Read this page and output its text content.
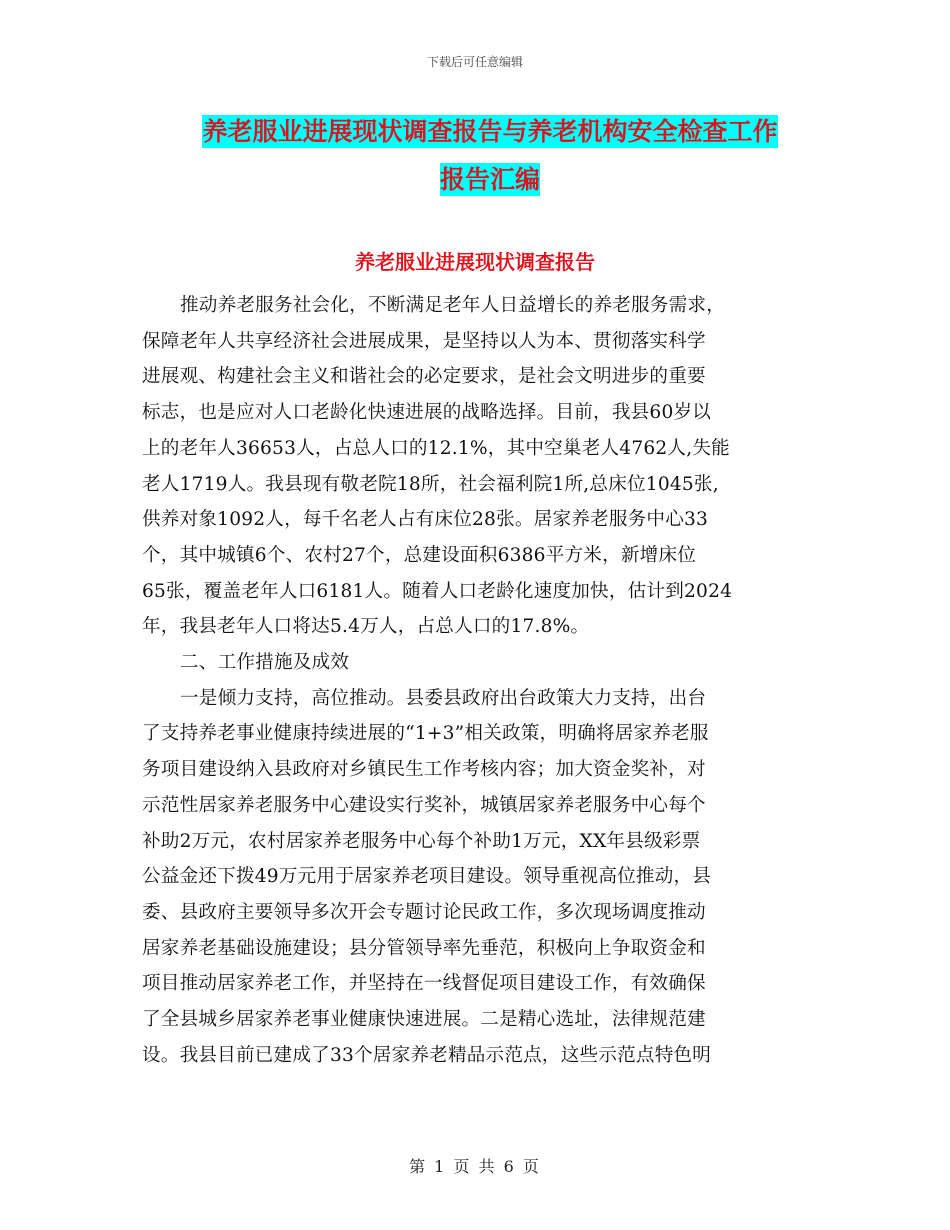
下载后可任意编辑
养老服业进展现状调查报告与养老机构安全检查工作
报告汇编
养老服业进展现状调查报告
推动养老服务社会化，不断满足老年人日益增长的养老服务需求，
保障老年人共享经济社会进展成果，是坚持以人为本、贯彻落实科学
进展观、构建社会主义和谐社会的必定要求，是社会文明进步的重要
标志，也是应对人口老龄化快速进展的战略选择。目前，我县60岁以
上的老年人36653人，占总人口的12.1%，其中空巢老人4762人,失能
老人1719人。我县现有敬老院18所，社会福利院1所,总床位1045张,
供养对象1092人，每千名老人占有床位28张。居家养老服务中心33
个，其中城镇6个、农村27个，总建设面积6386平方米，新增床位
65张，覆盖老年人口6181人。随着人口老龄化速度加快，估计到2024
年，我县老年人口将达5.4万人，占总人口的17.8%。
二、工作措施及成效
一是倾力支持，高位推动。县委县政府出台政策大力支持，出台
了支持养老事业健康持续进展的“1+3”相关政策，明确将居家养老服
务项目建设纳入县政府对乡镇民生工作考核内容；加大资金奖补，对
示范性居家养老服务中心建设实行奖补，城镇居家养老服务中心每个
补助2万元，农村居家养老服务中心每个补助1万元，XX年县级彩票
公益金还下拨49万元用于居家养老项目建设。领导重视高位推动，县
委、县政府主要领导多次开会专题讨论民政工作，多次现场调度推动
居家养老基础设施建设；县分管领导率先垂范，积极向上争取资金和
项目推动居家养老工作，并坚持在一线督促项目建设工作，有效确保
了全县城乡居家养老事业健康快速进展。二是精心选址，法律规范建
设。我县目前已建成了33个居家养老精品示范点，这些示范点特色明
第 1 页 共 6 页
